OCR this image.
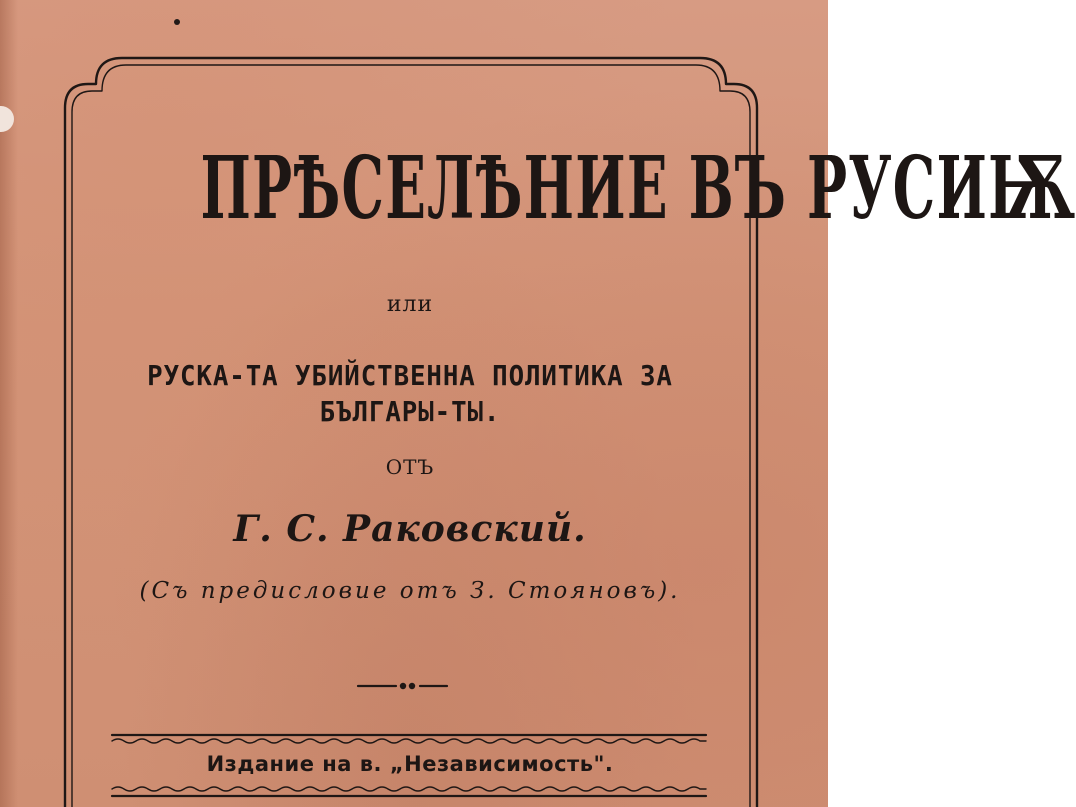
ПРѢСЕЛѢНИЕ ВЪ РУСИѬ
или
РУСКА-ТА УБИЙСТВЕННА ПОЛИТИКА ЗА
БЪЛГАРЫ-ТЫ.
ОТЪ
Г. С. Раковский.
(Съ предисловие отъ З. Стояновъ).
Издание на в. „Независимость".
